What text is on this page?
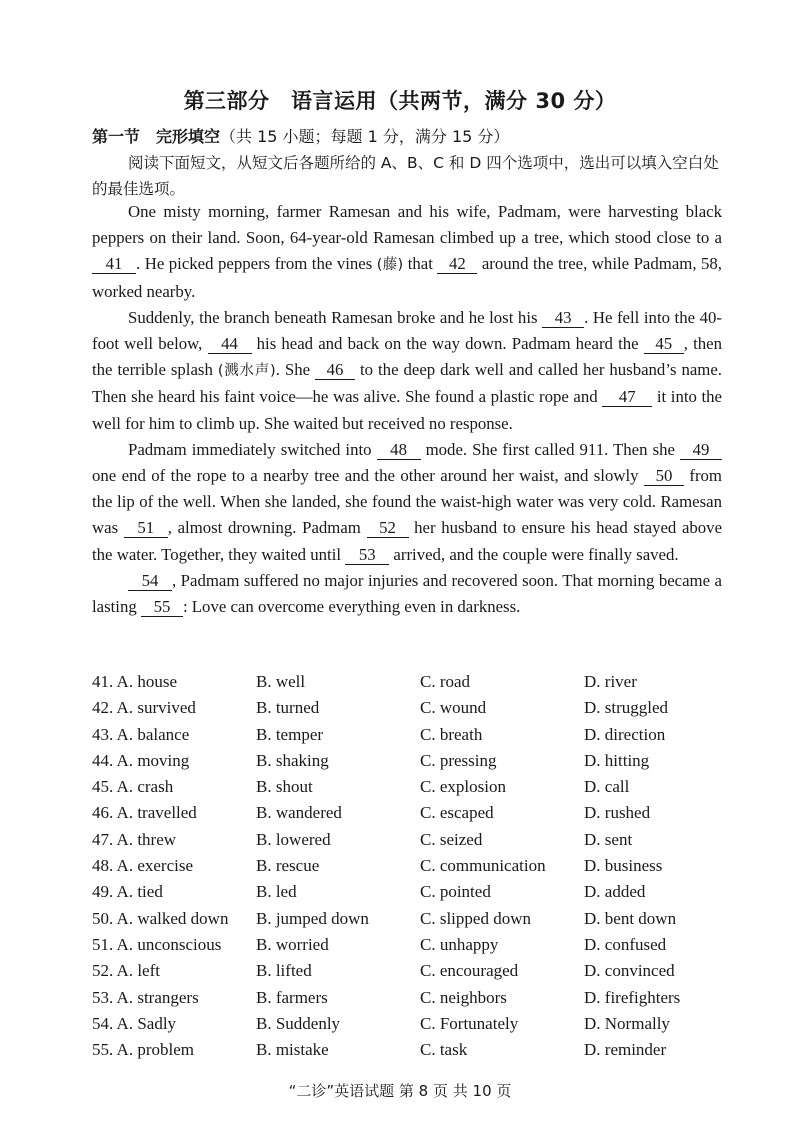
第三部分　语言运用（共两节，满分 30 分）
第一节　完形填空（共 15 小题；每题 1 分，满分 15 分）
阅读下面短文，从短文后各题所给的 A、B、C 和 D 四个选项中，选出可以填入空白处的最佳选项。

One misty morning, farmer Ramesan and his wife, Padmam, were harvesting black peppers on their land. Soon, 64-year-old Ramesan climbed up a tree, which stood close to a 41 . He picked peppers from the vines (藤) that 42 around the tree, while Padmam, 58, worked nearby.

Suddenly, the branch beneath Ramesan broke and he lost his 43 . He fell into the 40-foot well below, 44 his head and back on the way down. Padmam heard the 45 , then the terrible splash (溅水声). She 46 to the deep dark well and called her husband’s name. Then she heard his faint voice—he was alive. She found a plastic rope and 47 it into the well for him to climb up. She waited but received no response.

Padmam immediately switched into 48 mode. She first called 911. Then she 49 one end of the rope to a nearby tree and the other around her waist, and slowly 50 from the lip of the well. When she landed, she found the waist-high water was very cold. Ramesan was 51 , almost drowning. Padmam 52 her husband to ensure his head stayed above the water. Together, they waited until 53 arrived, and the couple were finally saved.

54 , Padmam suffered no major injuries and recovered soon. That morning became a lasting 55 : Love can overcome everything even in darkness.

41. A. house	B. well	C. road	D. river
42. A. survived	B. turned	C. wound	D. struggled
43. A. balance	B. temper	C. breath	D. direction
44. A. moving	B. shaking	C. pressing	D. hitting
45. A. crash	B. shout	C. explosion	D. call
46. A. travelled	B. wandered	C. escaped	D. rushed
47. A. threw	B. lowered	C. seized	D. sent
48. A. exercise	B. rescue	C. communication D. business
49. A. tied	B. led	C. pointed	D. added
50. A. walked down B. jumped down	C. slipped down	D. bent down
51. A. unconscious B. worried	C. unhappy	D. confused
52. A. left	B. lifted	C. encouraged	D. convinced
53. A. strangers	B. farmers	C. neighbors	D. firefighters
54. A. Sadly	B. Suddenly	C. Fortunately	D. Normally
55. A. problem	B. mistake	C. task	D. reminder
“二诊”英语试题 第 8 页 共 10 页
